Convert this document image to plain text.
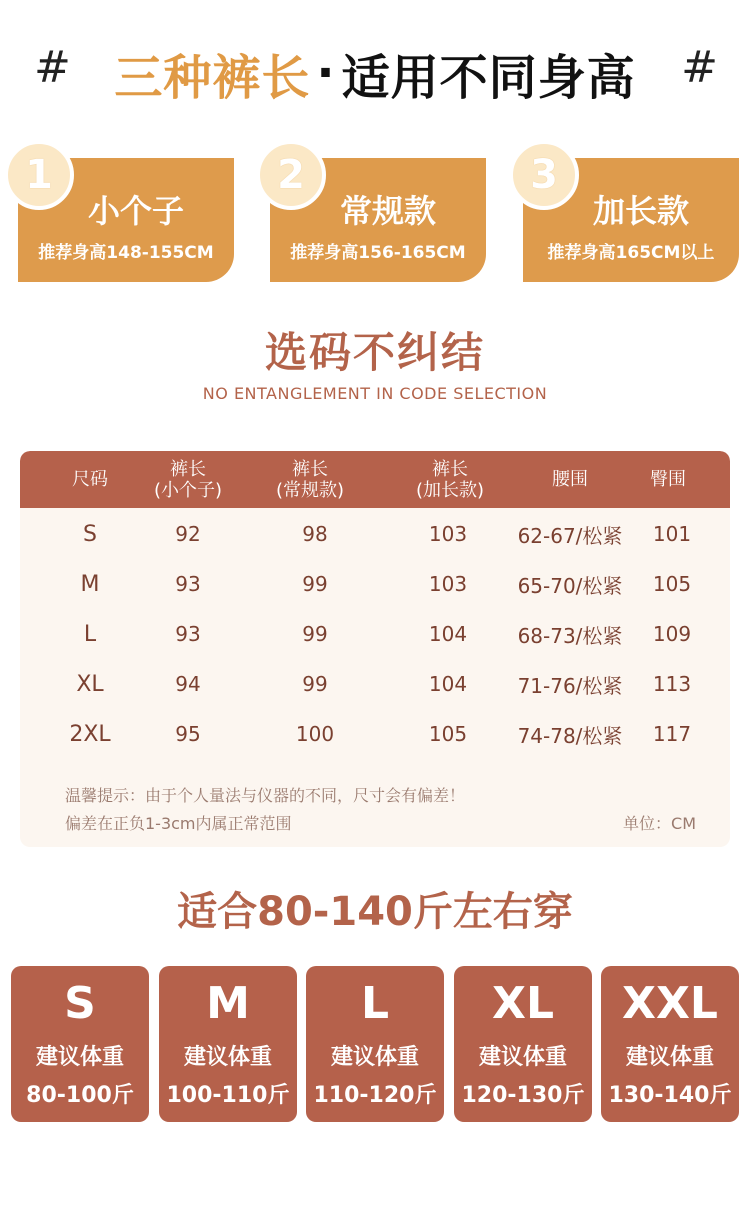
# 三种裤长 · 适用不同身高 #
1
小个子
推荐身高148-155CM
2
常规款
推荐身高156-165CM
3
加长款
推荐身高165CM以上
选码不纠结
NO ENTANGLEMENT IN CODE SELECTION
尺码	裤长
(小个子)
裤长
(常规款)
裤长
(加长款)	腰围	臀围
S	92	98	103	62-67/松紧 101
M	93	99	103	65-70/松紧 105
L	93	99	104	68-73/松紧 109
XL	94	99	104	71-76/松紧 113
2XL	95	100	105	74-78/松紧 117
温馨提示：由于个人量法与仪器的不同，尺寸会有偏差！
偏差在正负1-3cm内属正常范围	单位：CM
适合80-140斤左右穿
S
建议体重
80-100斤
M
建议体重
100-110斤
L
建议体重
110-120斤
XL
建议体重
120-130斤
XXL
建议体重
130-140斤
